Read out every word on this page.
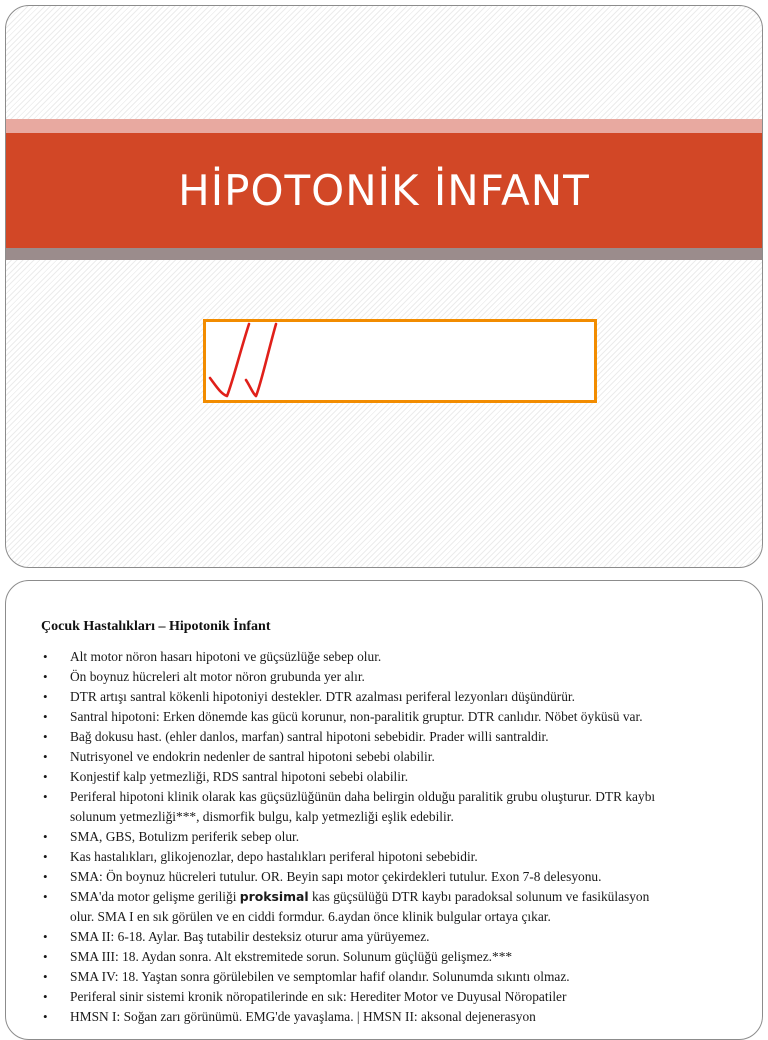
HİPOTONİK İNFANT
Çocuk Hastalıkları – Hipotonik İnfant
• Alt motor nöron hasarı hipotoni ve güçsüzlüğe sebep olur.
• Ön boynuz hücreleri alt motor nöron grubunda yer alır.
• DTR artışı santral kökenli hipotoniyi destekler. DTR azalması periferal lezyonları düşündürür.
• Santral hipotoni: Erken dönemde kas gücü korunur, non-paralitik gruptur. DTR canlıdır. Nöbet öyküsü var.
• Bağ dokusu hast. (ehler danlos, marfan) santral hipotoni sebebidir. Prader willi santraldir.
• Nutrisyonel ve endokrin nedenler de santral hipotoni sebebi olabilir.
• Konjestif kalp yetmezliği, RDS santral hipotoni sebebi olabilir.
• Periferal hipotoni klinik olarak kas güçsüzlüğünün daha belirgin olduğu paralitik grubu oluşturur. DTR kaybı
solunum yetmezliği***, dismorfik bulgu, kalp yetmezliği eşlik edebilir.
• SMA, GBS, Botulizm periferik sebep olur.
• Kas hastalıkları, glikojenozlar, depo hastalıkları periferal hipotoni sebebidir.
• SMA: Ön boynuz hücreleri tutulur. OR. Beyin sapı motor çekirdekleri tutulur. Exon 7-8 delesyonu.
• SMA'da motor gelişme geriliği proksimal kas güçsülüğü DTR kaybı paradoksal solunum ve fasikülasyon
olur. SMA I en sık görülen ve en ciddi formdur. 6.aydan önce klinik bulgular ortaya çıkar.
• SMA II: 6-18. Aylar. Baş tutabilir desteksiz oturur ama yürüyemez.
• SMA III: 18. Aydan sonra. Alt ekstremitede sorun. Solunum güçlüğü gelişmez.***
• SMA IV: 18. Yaştan sonra görülebilen ve semptomlar hafif olandır. Solunumda sıkıntı olmaz.
• Periferal sinir sistemi kronik nöropatilerinde en sık: Herediter Motor ve Duyusal Nöropatiler
• HMSN I: Soğan zarı görünümü. EMG'de yavaşlama. | HMSN II: aksonal dejenerasyon
